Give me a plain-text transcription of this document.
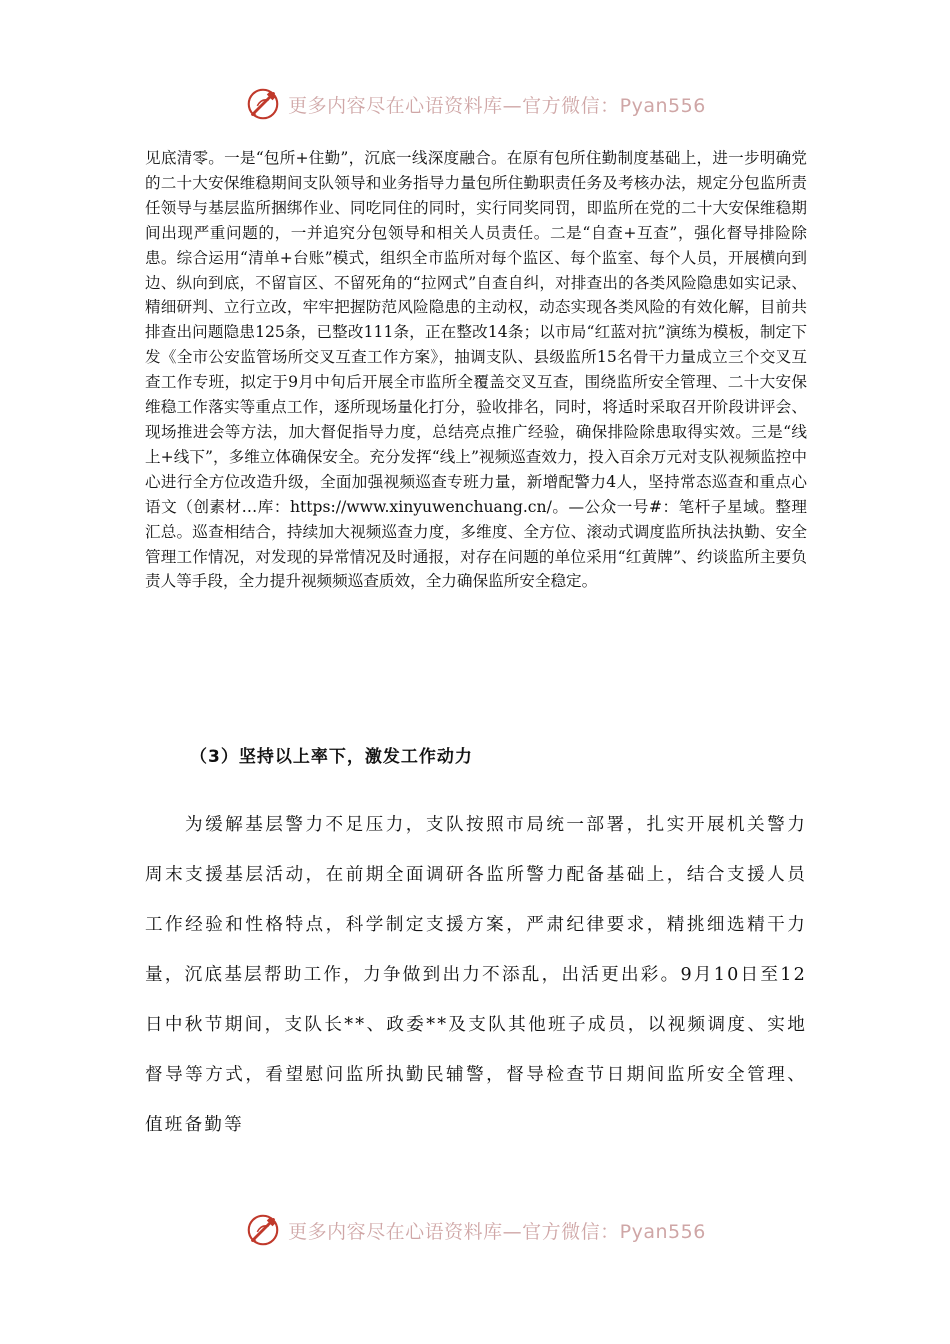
更多内容尽在心语资料库—官方微信：Pyan556

见底清零。一是“包所+住勤”，沉底一线深度融合。在原有包所住勤制度基础上，进一步明确党的二十大安保维稳期间支队领导和业务指导力量包所住勤职责任务及考核办法，规定分包监所责任领导与基层监所捆绑作业、同吃同住的同时，实行同奖同罚，即监所在党的二十大安保维稳期间出现严重问题的，一并追究分包领导和相关人员责任。二是“自查+互查”，强化督导排险除患。综合运用“清单+台账”模式，组织全市监所对每个监区、每个监室、每个人员，开展横向到边、纵向到底，不留盲区、不留死角的“拉网式”自查自纠，对排查出的各类风险隐患如实记录、精细研判、立行立改，牢牢把握防范风险隐患的主动权，动态实现各类风险的有效化解，目前共排查出问题隐患125条，已整改111条，正在整改14条；以市局“红蓝对抗”演练为模板，制定下发《全市公安监管场所交叉互查工作方案》，抽调支队、县级监所15名骨干力量成立三个交叉互查工作专班，拟定于9月中旬后开展全市监所全覆盖交叉互查，围绕监所安全管理、二十大安保维稳工作落实等重点工作，逐所现场量化打分，验收排名，同时，将适时采取召开阶段讲评会、现场推进会等方法，加大督促指导力度，总结亮点推广经验，确保排险除患取得实效。三是“线上+线下”，多维立体确保安全。充分发挥“线上”视频巡查效力，投入百余万元对支队视频监控中心进行全方位改造升级，全面加强视频巡查专班力量，新增配警力4人，坚持常态巡查和重点心语文（创素材…库：https://www.xinyuwenchuang.cn/。—公众一号#：笔杆子星域。整理汇总。巡查相结合，持续加大视频巡查力度，多维度、全方位、滚动式调度监所执法执勤、安全管理工作情况，对发现的异常情况及时通报，对存在问题的单位采用“红黄牌”、约谈监所主要负责人等手段，全力提升视频频巡查质效，全力确保监所安全稳定。

（3）坚持以上率下，激发工作动力

为缓解基层警力不足压力，支队按照市局统一部署，扎实开展机关警力周末支援基层活动，在前期全面调研各监所警力配备基础上，结合支援人员工作经验和性格特点，科学制定支援方案，严肃纪律要求，精挑细选精干力量，沉底基层帮助工作，力争做到出力不添乱，出活更出彩。9月10日至12日中秋节期间，支队长**、政委**及支队其他班子成员，以视频调度、实地督导等方式，看望慰问监所执勤民辅警，督导检查节日期间监所安全管理、值班备勤等

更多内容尽在心语资料库—官方微信：Pyan556
